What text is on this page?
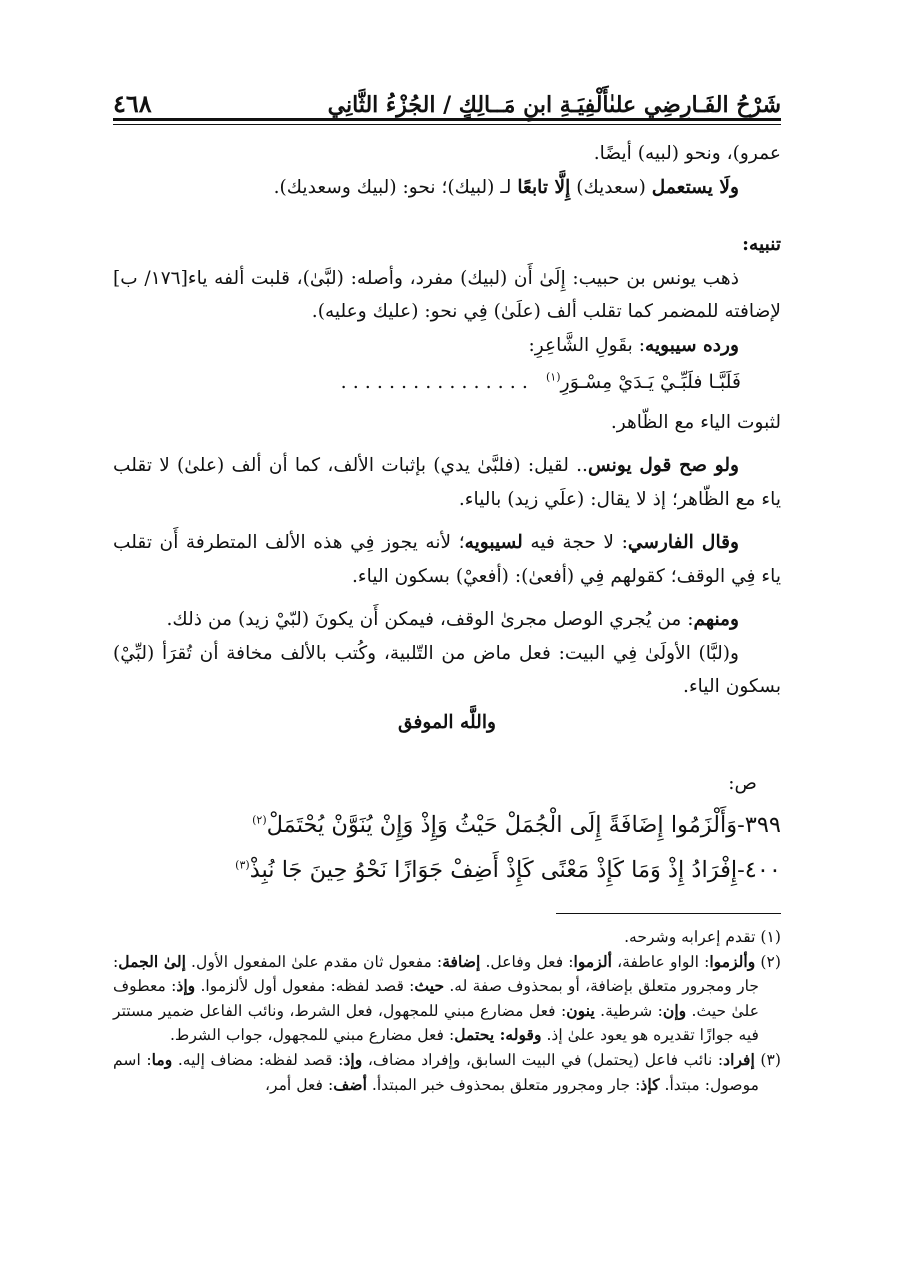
شَرْحُ الفَـارِضِي علىٰأَلْفِيَـةِ ابنِ مَــالِكٍ / الجُزْءُ الثَّانِي
٤٦٨

عمرو)، ونحو (لبيه) أيضًا.

ولَا يستعمل (سعديك) إِلَّا تابعًا لـ (لبيك)؛ نحو: (لبيك وسعديك).

تنبيه:

ذهب يونس بن حبيب: إِلَىٰ أَن (لبيك) مفرد، وأصله: (لبَّىٰ)، قلبت ألفه ياء[١٧٦/ ب] لإضافته للمضمر كما تقلب ألف (علَىٰ) فِي نحو: (عليك وعليه).

ورده سيبويه: بقَولِ الشَّاعِرِ:

فَلَبَّـا فلَبِّـيْ يَـدَيْ مِسْـوَرِ$^{(١)}$   . . . . . . . . . . . . . . . .

لثبوت الياء مع الظّاهر.

ولو صح قول يونس.. لقيل: (فلبَّىٰ يدي) بإثبات الألف، كما أن ألف (علىٰ) لا تقلب ياء مع الظّاهر؛ إذ لا يقال: (علَي زيد) بالياء.

وقال الفارسي: لا حجة فيه لسيبويه؛ لأنه يجوز فِي هذه الألف المتطرفة أَن تقلب ياء فِي الوقف؛ كقولهم فِي (أفعىٰ): (أفعيْ) بسكون الياء.

ومنهم: من يُجري الوصل مجرىٰ الوقف، فيمكن أَن يكونَ (لبّيْ زيد) من ذلك.

و(لبَّا) الأولَىٰ فِي البيت: فعل ماض من التّلبية، وكُتب بالألف مخافة أن تُقرَأ (لبِّيْ) بسكون الياء.

واللَّه الموفق

ص:

٣٩٩-وَأَلْزَمُوا إِضَافَةً إِلَى الْجُمَلْ حَيْثُ وَإِذْ وَإِنْ يُنَوَّنْ يُحْتَمَلْ$^{(٢)}$

٤٠٠-إِفْرَادُ إِذْ وَمَا كَإِذْ مَعْنًى كَإِذْ أَضِفْ جَوَازًا نَحْوُ حِينَ جَا نُبِذْ$^{(٣)}$

(١) تقدم إعرابه وشرحه.

(٢) وألزموا: الواو عاطفة، ألزموا: فعل وفاعل. إضافة: مفعول ثان مقدم علىٰ المفعول الأول. إلىٰ الجمل: جار ومجرور متعلق بإضافة، أو بمحذوف صفة له. حيث: قصد لفظه: مفعول أول لألزموا. وإذ: معطوف علىٰ حيث. وإن: شرطية. ينون: فعل مضارع مبني للمجهول، فعل الشرط، ونائب الفاعل ضمير مستتر فيه جوازًا تقديره هو يعود علىٰ إذ. وقوله: يحتمل: فعل مضارع مبني للمجهول، جواب الشرط.

(٣) إفراد: نائب فاعل (يحتمل) في البيت السابق، وإفراد مضاف، وإذ: قصد لفظه: مضاف إليه. وما: اسم موصول: مبتدأ. كإذ: جار ومجرور متعلق بمحذوف خبر المبتدأ. أضف: فعل أمر،
